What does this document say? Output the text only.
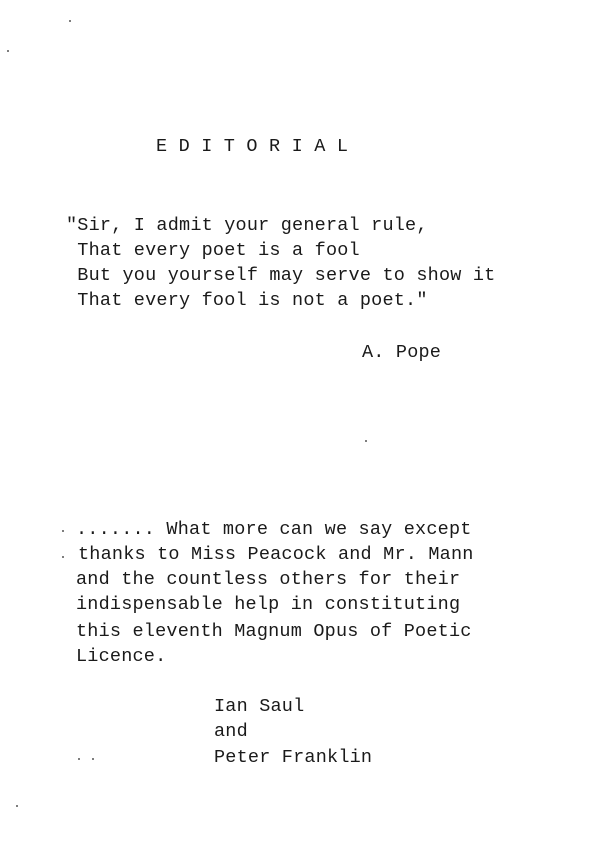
E D I T O R I A L
"Sir, I admit your general rule,
That every poet is a fool
But you yourself may serve to show it
That every fool is not a poet."
A. Pope
....... What more can we say except
thanks to Miss Peacock and Mr. Mann
and the countless others for their
indispensable help in constituting
this eleventh Magnum Opus of Poetic
Licence.
Ian Saul
and
Peter Franklin
